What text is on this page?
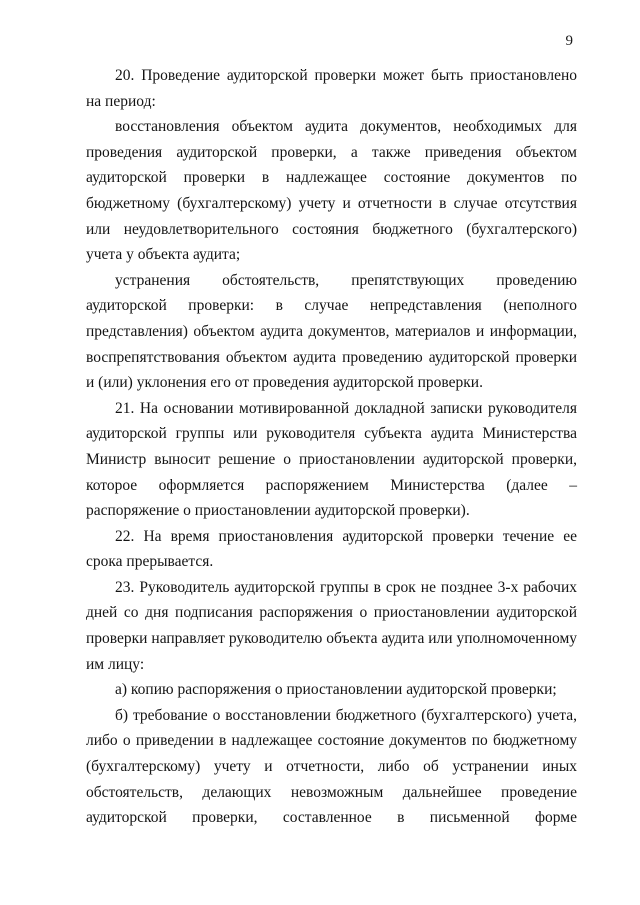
9

20. Проведение аудиторской проверки может быть приостановлено на период:

восстановления объектом аудита документов, необходимых для проведения аудиторской проверки, а также приведения объектом аудиторской проверки в надлежащее состояние документов по бюджетному (бухгалтерскому) учету и отчетности в случае отсутствия или неудовлетворительного состояния бюджетного (бухгалтерского) учета у объекта аудита;

устранения обстоятельств, препятствующих проведению аудиторской проверки: в случае непредставления (неполного представления) объектом аудита документов, материалов и информации, воспрепятствования объектом аудита проведению аудиторской проверки и (или) уклонения его от проведения аудиторской проверки.

21. На основании мотивированной докладной записки руководителя аудиторской группы или руководителя субъекта аудита Министерства Министр выносит решение о приостановлении аудиторской проверки, которое оформляется распоряжением Министерства (далее – распоряжение о приостановлении аудиторской проверки).

22. На время приостановления аудиторской проверки течение ее срока прерывается.

23. Руководитель аудиторской группы в срок не позднее 3-х рабочих дней со дня подписания распоряжения о приостановлении аудиторской проверки направляет руководителю объекта аудита или уполномоченному им лицу:

а) копию распоряжения о приостановлении аудиторской проверки;

б) требование о восстановлении бюджетного (бухгалтерского) учета, либо о приведении в надлежащее состояние документов по бюджетному (бухгалтерскому) учету и отчетности, либо об устранении иных обстоятельств, делающих невозможным дальнейшее проведение аудиторской проверки, составленное в письменной форме
